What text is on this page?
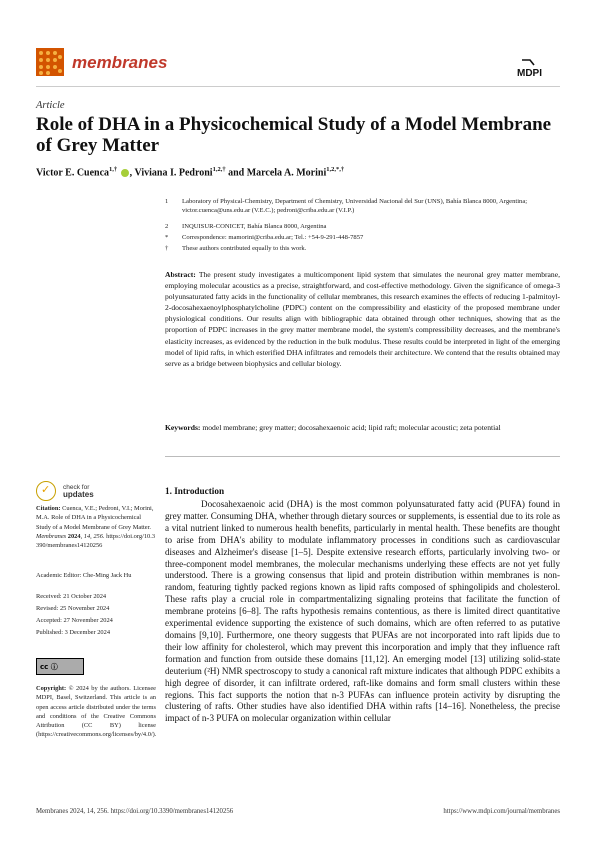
membranes
MDPI
Article
Role of DHA in a Physicochemical Study of a Model Membrane of Grey Matter
Victor E. Cuenca$^{1,\dagger}$ , Viviana I. Pedroni$^{1,2,\dagger}$ and Marcela A. Morini$^{1,2,*,\dagger}$
1	Laboratory of Physical-Chemistry, Department of Chemistry, Universidad Nacional del Sur (UNS), Bahía Blanca 8000, Argentina; victor.cuenca@uns.edu.ar (V.E.C.); pedroni@criba.edu.ar (V.I.P.)
2	INQUISUR-CONICET, Bahía Blanca 8000, Argentina
*	Correspondence: mamorini@criba.edu.ar; Tel.: +54-9-291-448-7857
†	These authors contributed equally to this work.
Abstract: The present study investigates a multicomponent lipid system that simulates the neuronal grey matter membrane, employing molecular acoustics as a precise, straightforward, and cost-effective methodology. Given the significance of omega-3 polyunsaturated fatty acids in the functionality of cellular membranes, this research examines the effects of reducing 1-palmitoyl-2-docosahexaenoylphosphatylcholine (PDPC) content on the compressibility and elasticity of the proposed membrane under physiological conditions. Our results align with bibliographic data obtained through other techniques, showing that as the proportion of PDPC increases in the grey matter membrane model, the system's compressibility decreases, and the membrane's elasticity increases, as evidenced by the reduction in the bulk modulus. These results could be interpreted in light of the emerging model of lipid rafts, in which esterified DHA infiltrates and remodels their architecture. We contend that the results obtained may serve as a bridge between biophysics and cellular biology.
Keywords: model membrane; grey matter; docosahexaenoic acid; lipid raft; molecular acoustic; zeta potential
✓ check for
updates
Citation: Cuenca, V.E.; Pedroni, V.I.; Morini, M.A. Role of DHA in a Physicochemical Study of a Model Membrane of Grey Matter. Membranes 2024, 14, 256. https://doi.org/10.3390/membranes14120256
Academic Editor: Che-Ming Jack Hu
Received: 21 October 2024
Revised: 25 November 2024
Accepted: 27 November 2024
Published: 3 December 2024
cc ⓘ
Copyright: © 2024 by the authors. Licensee MDPI, Basel, Switzerland. This article is an open access article distributed under the terms and conditions of the Creative Commons Attribution (CC BY) license (https://creativecommons.org/licenses/by/4.0/).
1. Introduction

Docosahexaenoic acid (DHA) is the most common polyunsaturated fatty acid (PUFA) found in grey matter. Consuming DHA, whether through dietary sources or supplements, is essential due to its role as a vital nutrient linked to numerous health benefits, particularly in mental health. These benefits are thought to arise from DHA's ability to modulate inflammatory processes in conditions such as cardiovascular diseases and Alzheimer's disease [1–5]. Despite extensive research efforts, particularly involving two- or three-component model membranes, the molecular mechanisms underlying these effects are not yet fully understood. There is a growing consensus that lipid and protein distribution within membranes is non-random, featuring tightly packed regions known as lipid rafts composed of sphingolipids and cholesterol. These rafts play a crucial role in compartmentalizing signaling proteins that facilitate the function of membrane proteins [6–8]. The rafts hypothesis remains contentious, as there is limited direct quantitative experimental evidence supporting the existence of such domains, which are often referred to as putative domains [9,10]. Furthermore, one theory suggests that PUFAs are not incorporated into raft lipids due to their low affinity for cholesterol, which may prevent this incorporation and imply that they influence raft formation and function from outside these domains [11,12]. An emerging model [13] utilizing solid-state deuterium (²H) NMR spectroscopy to study a canonical raft mixture indicates that although PDPC exhibits a high degree of disorder, it can infiltrate ordered, raft-like domains and form small clusters within these regions. This fact supports the notion that n-3 PUFAs can influence protein activity by disrupting the clustering of rafts. Other studies have also identified DHA within rafts [14–16]. Nonetheless, the precise impact of n-3 PUFA on molecular organization within cellular

Membranes 2024, 14, 256. https://doi.org/10.3390/membranes14120256	https://www.mdpi.com/journal/membranes
